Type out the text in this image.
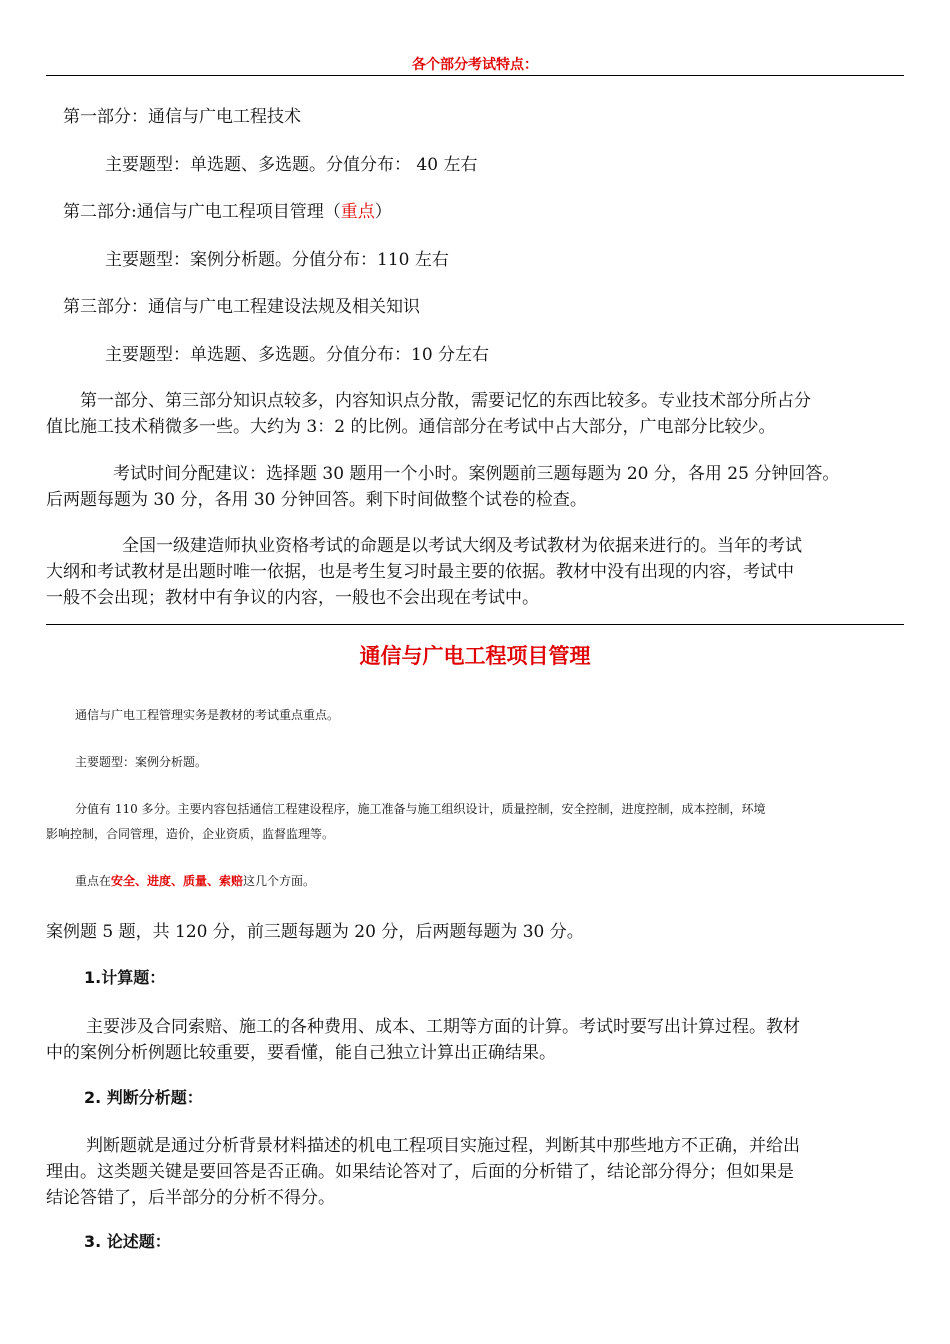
各个部分考试特点：
第一部分：通信与广电工程技术
主要题型：单选题、多选题。分值分布： 40 左右
第二部分:通信与广电工程项目管理（重点）
主要题型：案例分析题。分值分布：110 左右
第三部分：通信与广电工程建设法规及相关知识
主要题型：单选题、多选题。分值分布：10 分左右
第一部分、第三部分知识点较多，内容知识点分散，需要记忆的东西比较多。专业技术部分所占分
值比施工技术稍微多一些。大约为 3：2 的比例。通信部分在考试中占大部分，广电部分比较少。
考试时间分配建议：选择题 30 题用一个小时。案例题前三题每题为 20 分，各用 25 分钟回答。
后两题每题为 30 分，各用 30 分钟回答。剩下时间做整个试卷的检查。
全国一级建造师执业资格考试的命题是以考试大纲及考试教材为依据来进行的。当年的考试
大纲和考试教材是出题时唯一依据，也是考生复习时最主要的依据。教材中没有出现的内容，考试中
一般不会出现；教材中有争议的内容，一般也不会出现在考试中。
通信与广电工程项目管理
通信与广电工程管理实务是教材的考试重点重点。
主要题型：案例分析题。
分值有 110 多分。主要内容包括通信工程建设程序，施工准备与施工组织设计，质量控制，安全控制，进度控制，成本控制，环境
影响控制，合同管理，造价，企业资质，监督监理等。
重点在安全、进度、质量、索赔这几个方面。
案例题 5 题，共 120 分，前三题每题为 20 分，后两题每题为 30 分。
1.计算题：
主要涉及合同索赔、施工的各种费用、成本、工期等方面的计算。考试时要写出计算过程。教材
中的案例分析例题比较重要，要看懂，能自己独立计算出正确结果。
2. 判断分析题：
判断题就是通过分析背景材料描述的机电工程项目实施过程，判断其中那些地方不正确，并给出
理由。这类题关键是要回答是否正确。如果结论答对了，后面的分析错了，结论部分得分；但如果是
结论答错了，后半部分的分析不得分。
3. 论述题：
